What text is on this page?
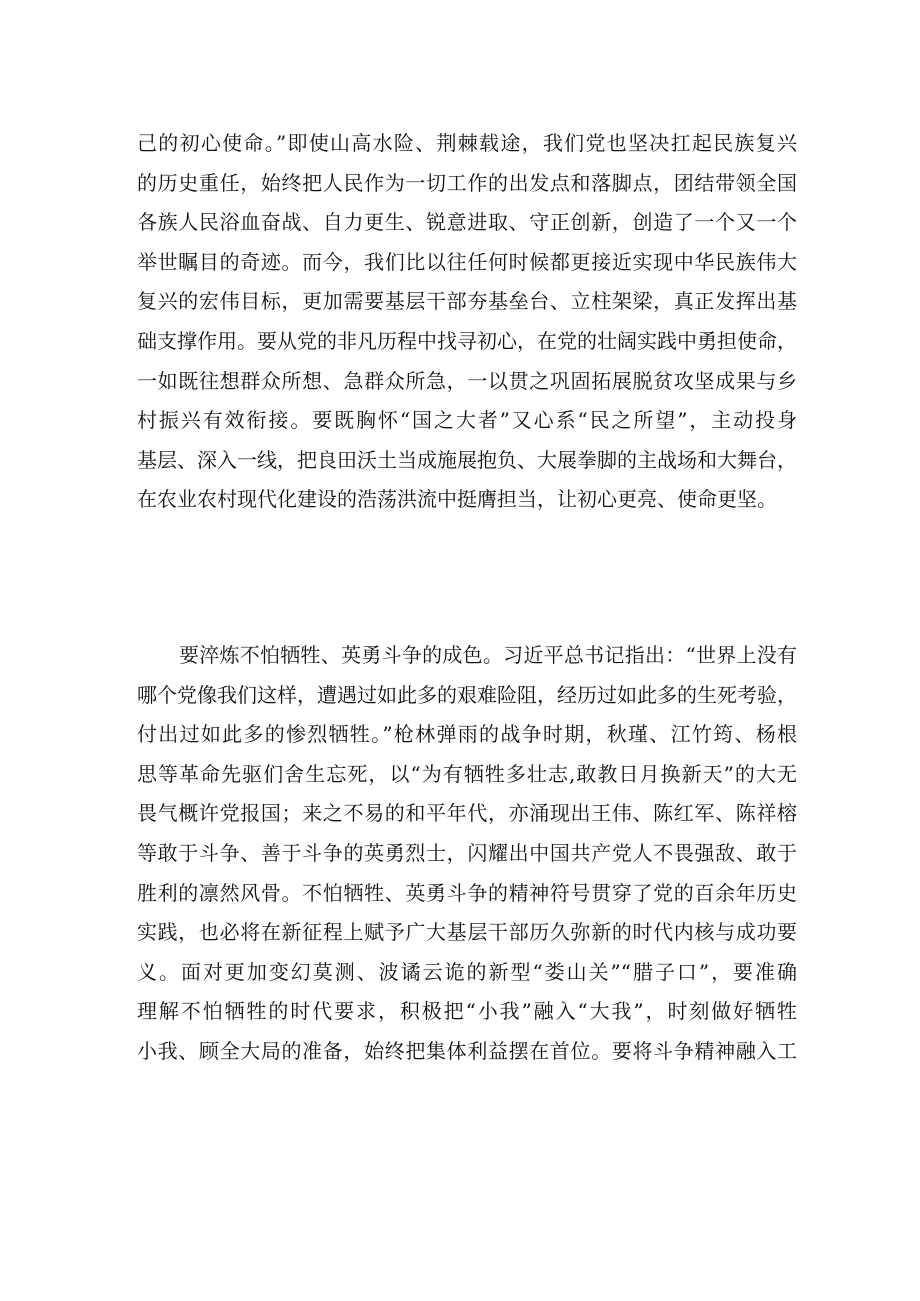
己的初心使命。”即使山高水险、荆棘载途，我们党也坚决扛起民族复兴
的历史重任，始终把人民作为一切工作的出发点和落脚点，团结带领全国
各族人民浴血奋战、自力更生、锐意进取、守正创新，创造了一个又一个
举世瞩目的奇迹。而今，我们比以往任何时候都更接近实现中华民族伟大
复兴的宏伟目标，更加需要基层干部夯基垒台、立柱架梁，真正发挥出基
础支撑作用。要从党的非凡历程中找寻初心，在党的壮阔实践中勇担使命，
一如既往想群众所想、急群众所急，一以贯之巩固拓展脱贫攻坚成果与乡
村振兴有效衔接。要既胸怀“国之大者”又心系“民之所望”，主动投身
基层、深入一线，把良田沃土当成施展抱负、大展拳脚的主战场和大舞台，
在农业农村现代化建设的浩荡洪流中挺膺担当，让初心更亮、使命更坚。
要淬炼不怕牺牲、英勇斗争的成色。习近平总书记指出：“世界上没有
哪个党像我们这样，遭遇过如此多的艰难险阻，经历过如此多的生死考验，
付出过如此多的惨烈牺牲。”枪林弹雨的战争时期，秋瑾、江竹筠、杨根
思等革命先驱们舍生忘死，以“为有牺牲多壮志,敢教日月换新天”的大无
畏气概许党报国；来之不易的和平年代，亦涌现出王伟、陈红军、陈祥榕
等敢于斗争、善于斗争的英勇烈士，闪耀出中国共产党人不畏强敌、敢于
胜利的凛然风骨。不怕牺牲、英勇斗争的精神符号贯穿了党的百余年历史
实践，也必将在新征程上赋予广大基层干部历久弥新的时代内核与成功要
义。面对更加变幻莫测、波谲云诡的新型“娄山关”“腊子口”，要准确
理解不怕牺牲的时代要求，积极把“小我”融入“大我”，时刻做好牺牲
小我、顾全大局的准备，始终把集体利益摆在首位。要将斗争精神融入工
